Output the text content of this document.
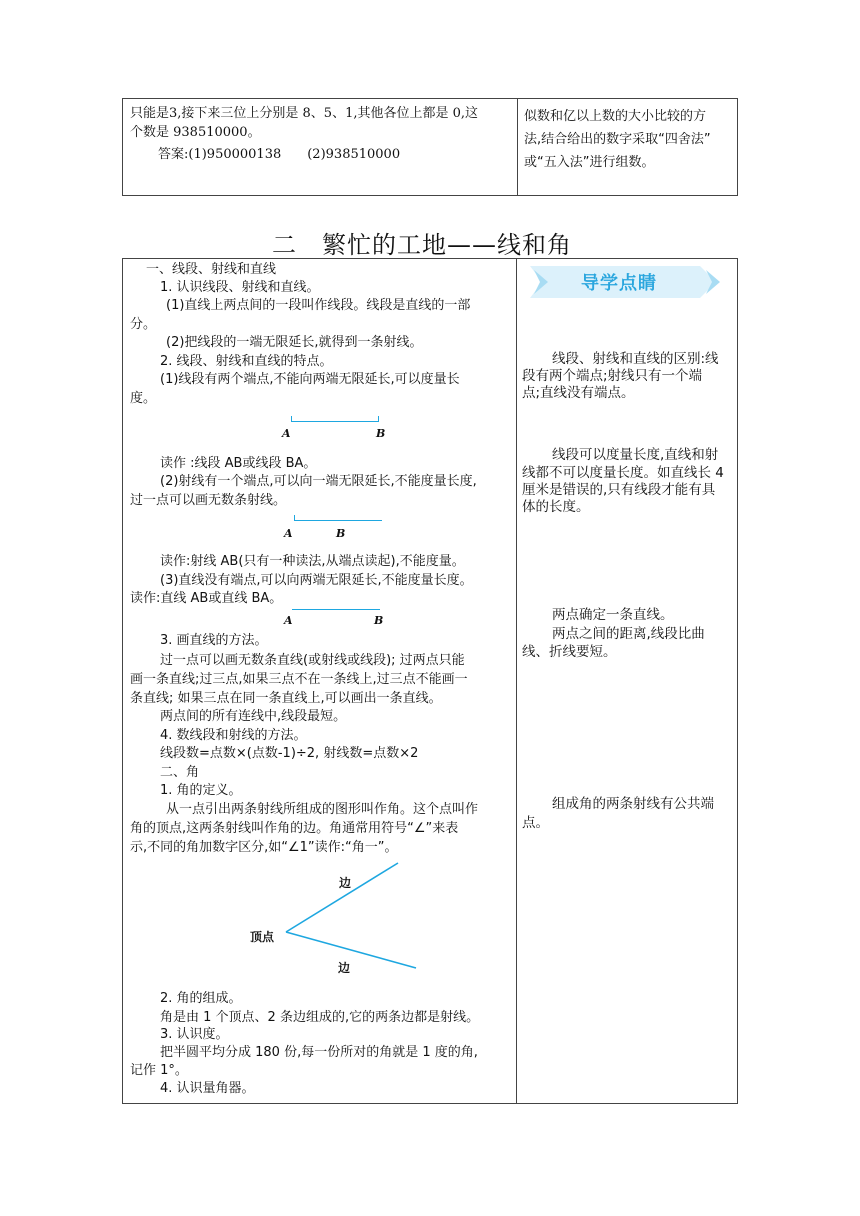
只能是3,接下来三位上分别是 8、5、1,其他各位上都是 0,这
个数是 938510000。
答案:(1)950000138　　(2)938510000
似数和亿以上数的大小比较的方
法,结合给出的数字采取“四舍法”
或“五入法”进行组数。
二　繁忙的工地——线和角
导学点睛
一、线段、射线和直线
1. 认识线段、射线和直线。
(1)直线上两点间的一段叫作线段。线段是直线的一部
分。
(2)把线段的一端无限延长,就得到一条射线。
2. 线段、射线和直线的特点。
(1)线段有两个端点,不能向两端无限延长,可以度量长
度。
A	B
读作 :线段 AB或线段 BA。
(2)射线有一个端点,可以向一端无限延长,不能度量长度,
过一点可以画无数条射线。
A	B
读作:射线 AB(只有一种读法,从端点读起),不能度量。
(3)直线没有端点,可以向两端无限延长,不能度量长度。
读作:直线 AB或直线 BA。
A	B
3. 画直线的方法。
过一点可以画无数条直线(或射线或线段); 过两点只能
画一条直线;过三点,如果三点不在一条线上,过三点不能画一
条直线; 如果三点在同一条直线上,可以画出一条直线。
两点间的所有连线中,线段最短。
4. 数线段和射线的方法。
线段数=点数×(点数-1)÷2, 射线数=点数×2
二、角
1. 角的定义。
从一点引出两条射线所组成的图形叫作角。这个点叫作
角的顶点,这两条射线叫作角的边。角通常用符号“∠”来表
示,不同的角加数字区分,如“∠1”读作:“角一”。
边
顶点
边
2. 角的组成。
角是由 1 个顶点、2 条边组成的,它的两条边都是射线。
3. 认识度。
把半圆平均分成 180 份,每一份所对的角就是 1 度的角,
记作 1°。
4. 认识量角器。
线段、射线和直线的区别:线
段有两个端点;射线只有一个端
点;直线没有端点。
线段可以度量长度,直线和射
线都不可以度量长度。如直线长 4
厘米是错误的,只有线段才能有具
体的长度。
两点确定一条直线。
两点之间的距离,线段比曲
线、折线要短。
组成角的两条射线有公共端
点。
